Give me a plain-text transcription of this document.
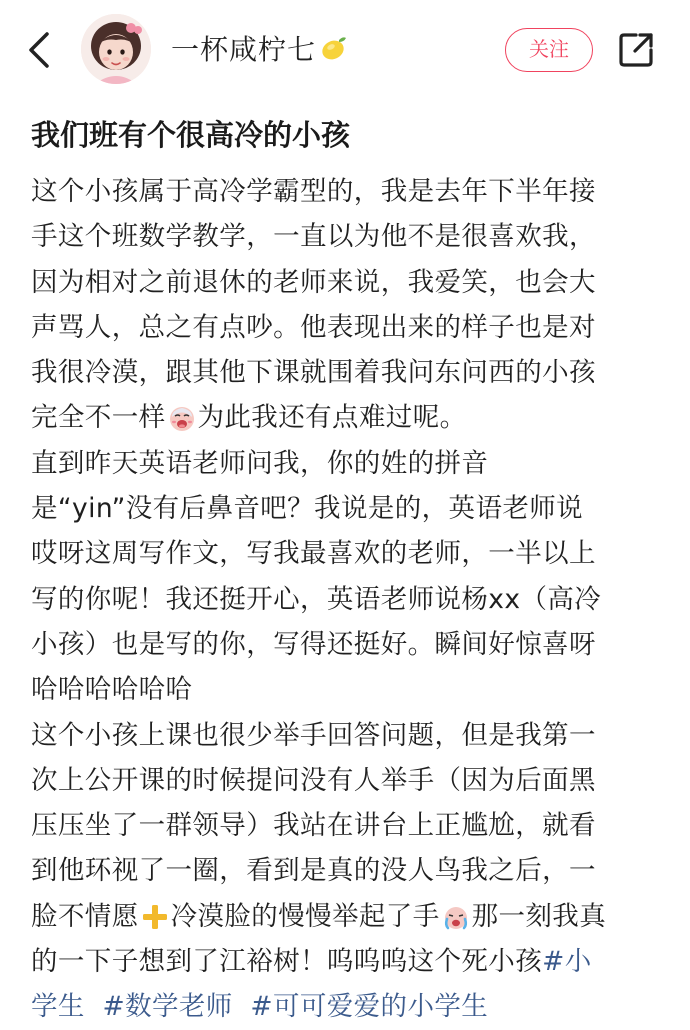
一杯咸柠七	关注
我们班有个很高冷的小孩
这个小孩属于高冷学霸型的，我是去年下半年接
手这个班数学教学，一直以为他不是很喜欢我，
因为相对之前退休的老师来说，我爱笑，也会大
声骂人，总之有点吵。他表现出来的样子也是对
我很冷漠，跟其他下课就围着我问东问西的小孩
完全不一样 为此我还有点难过呢。
直到昨天英语老师问我，你的姓的拼音
是“yin”没有后鼻音吧？我说是的，英语老师说
哎呀这周写作文，写我最喜欢的老师，一半以上
写的你呢！我还挺开心，英语老师说杨xx（高冷
小孩）也是写的你，写得还挺好。瞬间好惊喜呀
哈哈哈哈哈哈
这个小孩上课也很少举手回答问题，但是我第一
次上公开课的时候提问没有人举手（因为后面黑
压压坐了一群领导）我站在讲台上正尴尬，就看
到他环视了一圈，看到是真的没人鸟我之后，一
脸不情愿 冷漠脸的慢慢举起了手 那一刻我真
的一下子想到了江裕树！呜呜呜这个死小孩#小
学生 #数学老师 #可可爱爱的小学生
